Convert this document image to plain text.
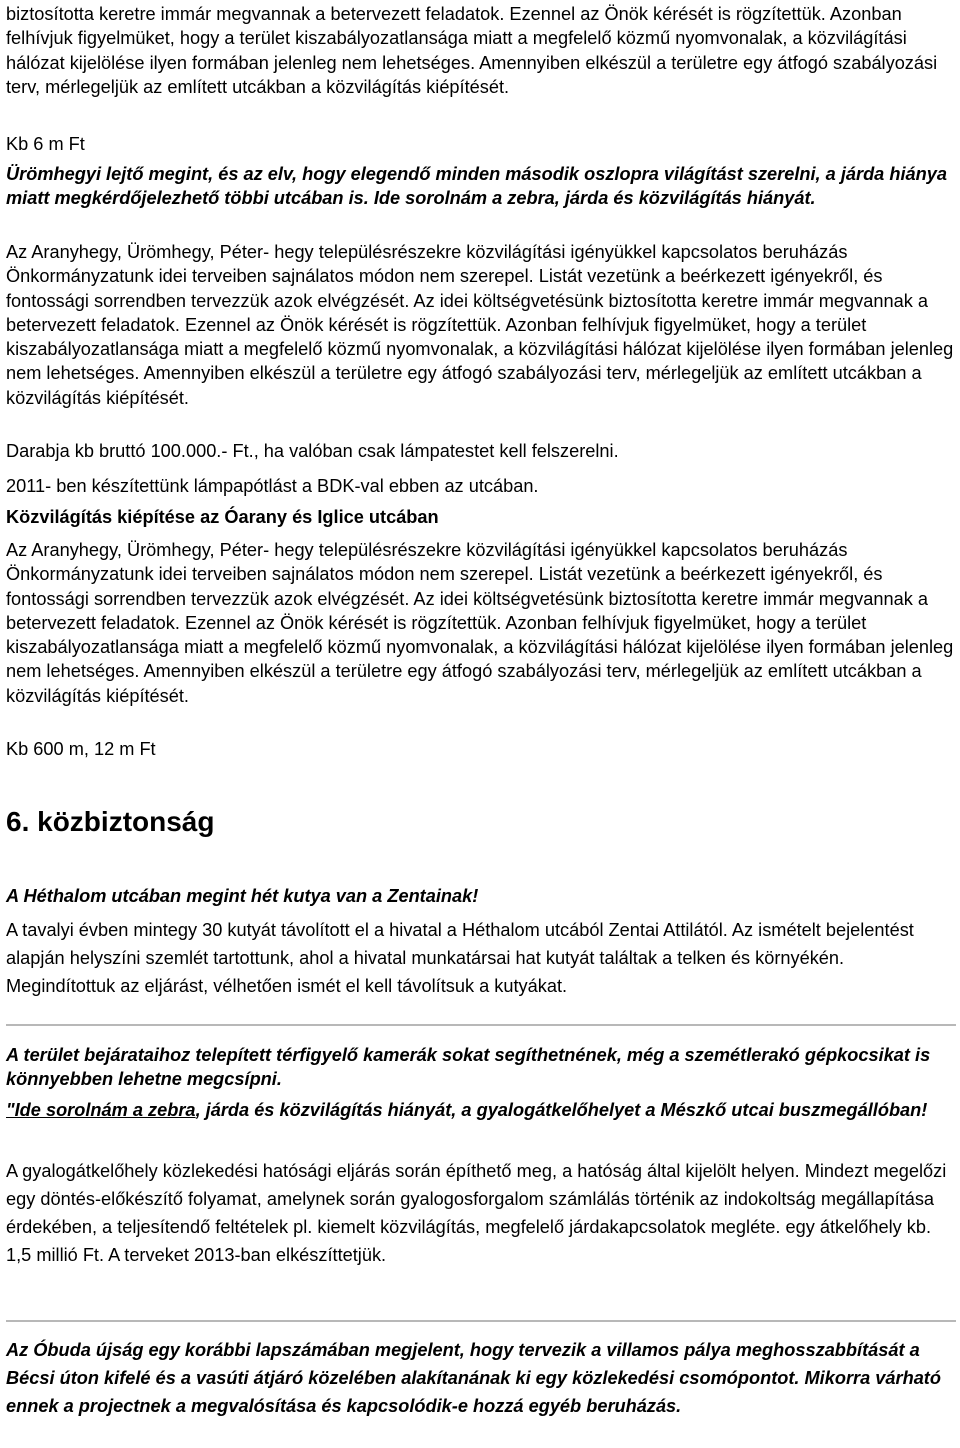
biztosította keretre immár megvannak a betervezett feladatok. Ezennel az Önök kérését is rögzítettük. Azonban felhívjuk figyelmüket, hogy a terület kiszabályozatlansága miatt a megfelelő közmű nyomvonalak, a közvilágítási hálózat kijelölése ilyen formában jelenleg nem lehetséges. Amennyiben elkészül a területre egy átfogó szabályozási terv, mérlegeljük az említett utcákban a közvilágítás kiépítését.

Kb 6 m Ft

Ürömhegyi lejtő megint, és az elv, hogy elegendő minden második oszlopra világítást szerelni, a járda hiánya miatt megkérdőjelezhető többi utcában is. Ide sorolnám a zebra, járda és közvilágítás hiányát.

Az Aranyhegy, Ürömhegy, Péter- hegy településrészekre közvilágítási igényükkel kapcsolatos beruházás Önkormányzatunk idei terveiben sajnálatos módon nem szerepel. Listát vezetünk a beérkezett igényekről, és fontossági sorrendben tervezzük azok elvégzését. Az idei költségvetésünk biztosította keretre immár megvannak a betervezett feladatok. Ezennel az Önök kérését is rögzítettük. Azonban felhívjuk figyelmüket, hogy a terület kiszabályozatlansága miatt a megfelelő közmű nyomvonalak, a közvilágítási hálózat kijelölése ilyen formában jelenleg nem lehetséges. Amennyiben elkészül a területre egy átfogó szabályozási terv, mérlegeljük az említett utcákban a közvilágítás kiépítését.

Darabja kb bruttó 100.000.- Ft., ha valóban csak lámpatestet kell felszerelni.

2011- ben készítettünk lámpapótlást a BDK-val ebben az utcában.

Közvilágítás kiépítése az Óarany és Iglice utcában

Az Aranyhegy, Ürömhegy, Péter- hegy településrészekre közvilágítási igényükkel kapcsolatos beruházás Önkormányzatunk idei terveiben sajnálatos módon nem szerepel. Listát vezetünk a beérkezett igényekről, és fontossági sorrendben tervezzük azok elvégzését. Az idei költségvetésünk biztosította keretre immár megvannak a betervezett feladatok. Ezennel az Önök kérését is rögzítettük. Azonban felhívjuk figyelmüket, hogy a terület kiszabályozatlansága miatt a megfelelő közmű nyomvonalak, a közvilágítási hálózat kijelölése ilyen formában jelenleg nem lehetséges. Amennyiben elkészül a területre egy átfogó szabályozási terv, mérlegeljük az említett utcákban a közvilágítás kiépítését.

Kb 600 m, 12 m Ft

6. közbiztonság

A Héthalom utcában megint hét kutya van a Zentainak!

A tavalyi évben mintegy 30 kutyát távolított el a hivatal a Héthalom utcából Zentai Attilától. Az ismételt bejelentést alapján helyszíni szemlét tartottunk, ahol a hivatal munkatársai hat kutyát találtak a telken és környékén. Megindítottuk az eljárást, vélhetően ismét el kell távolítsuk a kutyákat.

A terület bejárataihoz telepített térfigyelő kamerák sokat segíthetnének, még a szemétlerakó gépkocsikat is könnyebben lehetne megcsípni.

"Ide sorolnám a zebra, járda és közvilágítás hiányát, a gyalogátkelőhelyet a Mészkő utcai buszmegállóban!

A gyalogátkelőhely közlekedési hatósági eljárás során építhető meg, a hatóság által kijelölt helyen. Mindezt megelőzi egy döntés-előkészítő folyamat, amelynek során gyalogosforgalom számlálás történik az indokoltság megállapítása érdekében, a teljesítendő feltételek pl. kiemelt közvilágítás, megfelelő járdakapcsolatok megléte. egy átkelőhely kb. 1,5 millió Ft. A terveket 2013-ban elkészíttetjük.

Az Óbuda újság egy korábbi lapszámában megjelent, hogy tervezik a villamos pálya meghosszabbítását a Bécsi úton kifelé és a vasúti átjáró közelében alakítanának ki egy közlekedési csomópontot. Mikorra várható ennek a projectnek a megvalósítása és kapcsolódik-e hozzá egyéb beruházás.
